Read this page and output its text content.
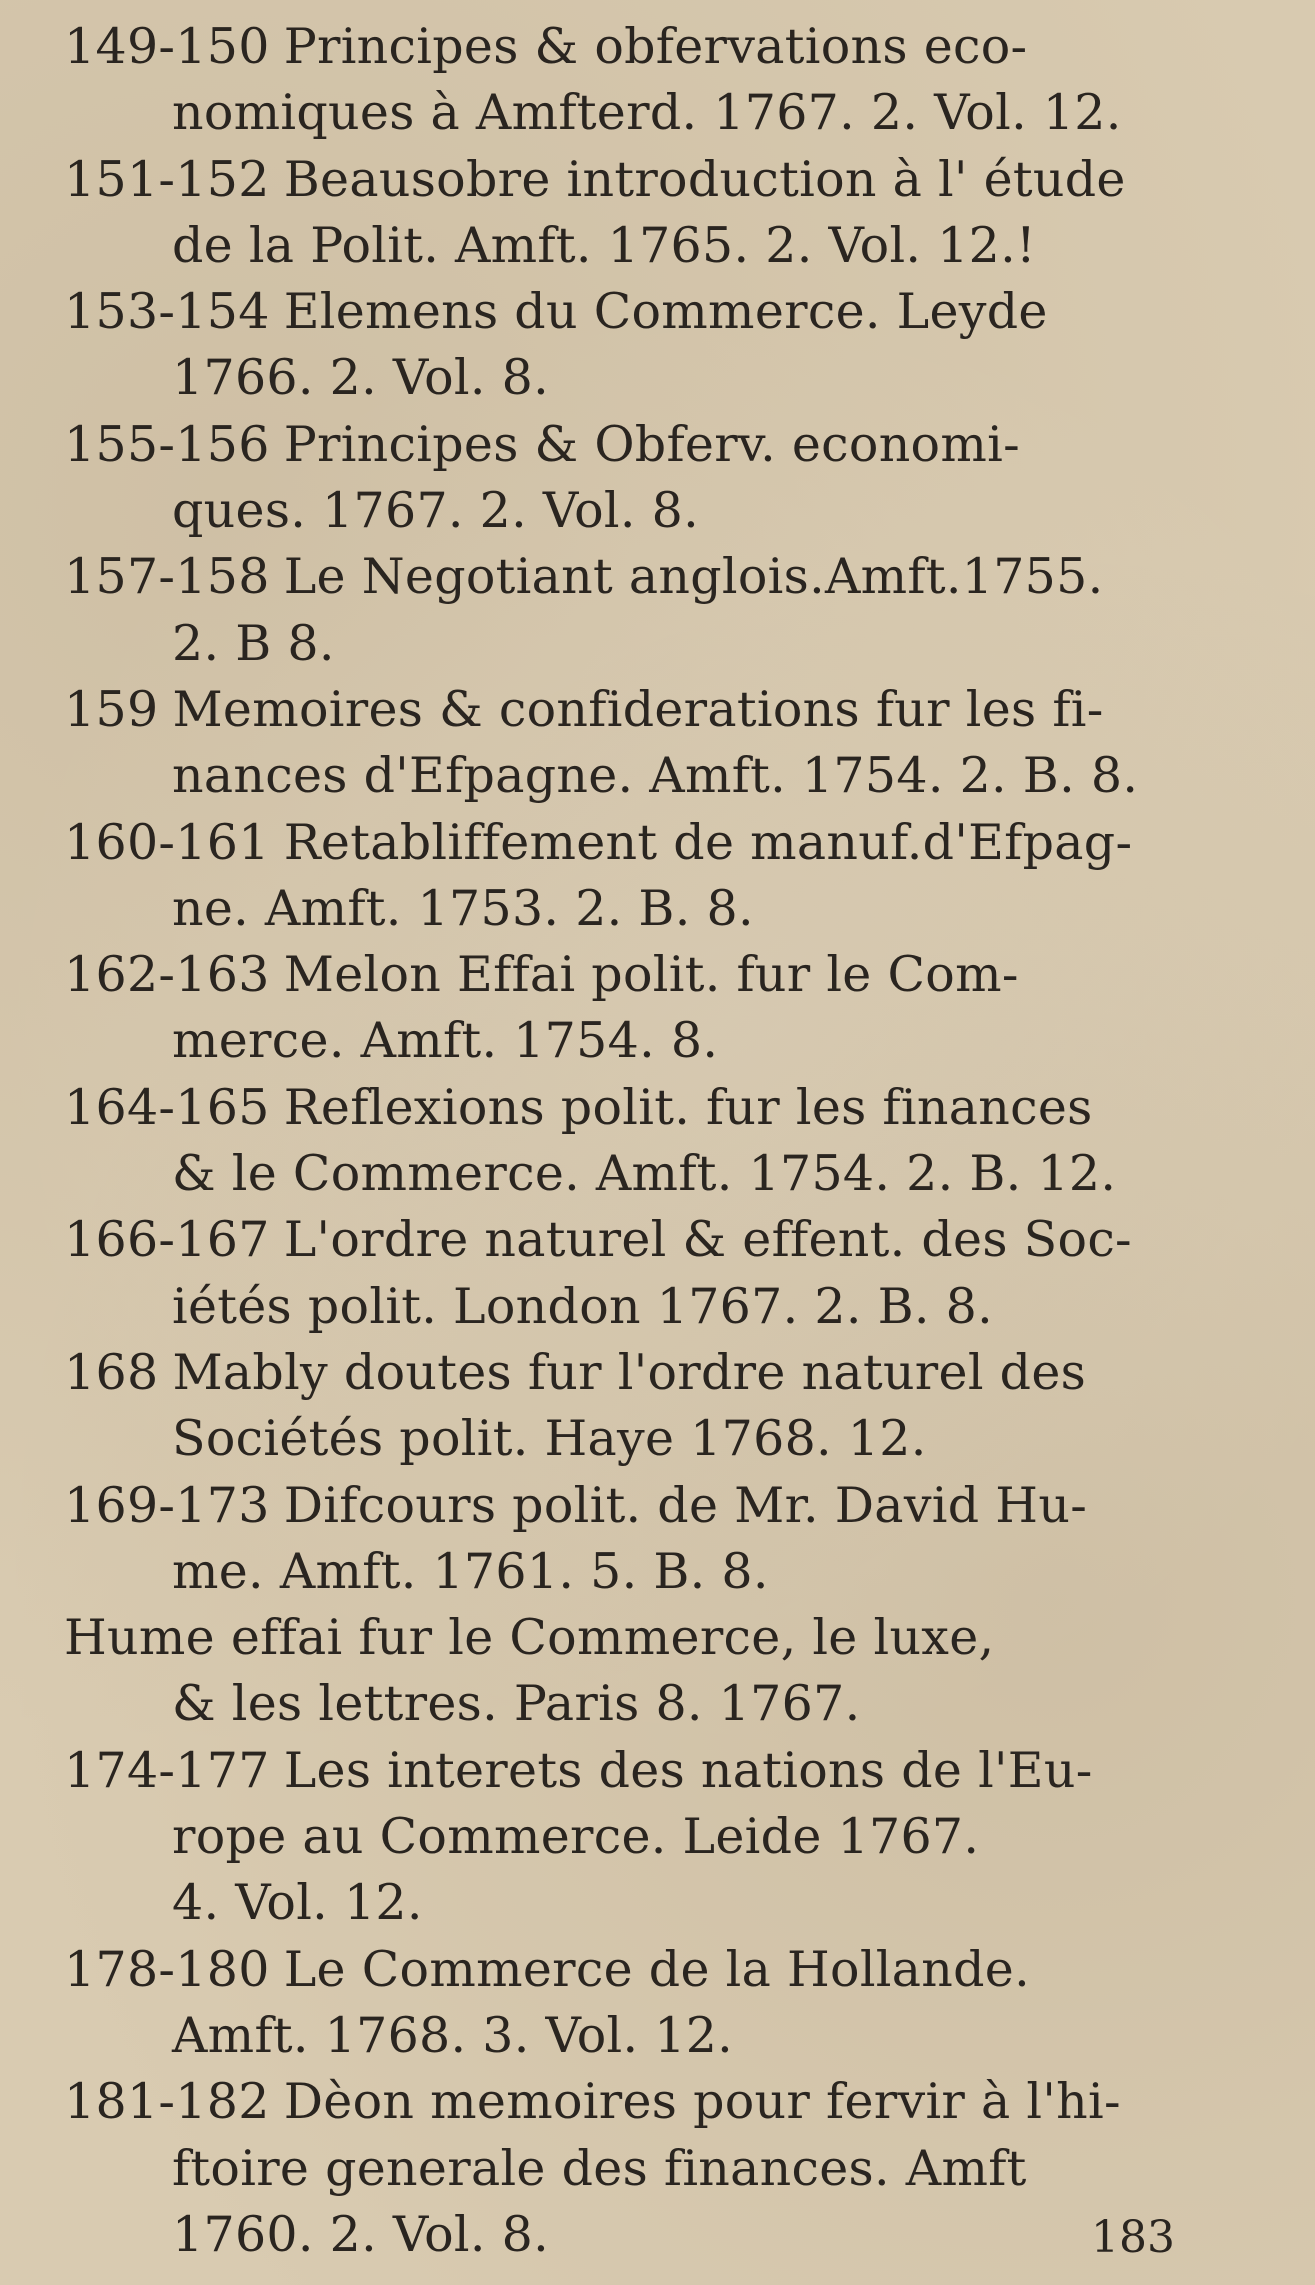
149-150 Principes & obfervations eco-
nomiques à Amfterd. 1767. 2. Vol. 12.
151-152 Beausobre introduction à l' étude
de la Polit. Amft. 1765. 2. Vol. 12.!
153-154 Elemens du Commerce. Leyde
1766. 2. Vol. 8.
155-156 Principes & Obferv. economi-
ques. 1767. 2. Vol. 8.
157-158 Le Negotiant anglois.Amft.1755.
2. B 8.
159 Memoires & confiderations fur les fi-
nances d'Efpagne. Amft. 1754. 2. B. 8.
160-161 Retabliffement de manuf.d'Efpag-
ne. Amft. 1753. 2. B. 8.
162-163 Melon Effai polit. fur le Com-
merce. Amft. 1754. 8.
164-165 Reflexions polit. fur les finances
& le Commerce. Amft. 1754. 2. B. 12.
166-167 L'ordre naturel & effent. des Soc-
iétés polit. London 1767. 2. B. 8.
168 Mably doutes fur l'ordre naturel des
Sociétés polit. Haye 1768. 12.
169-173 Difcours polit. de Mr. David Hu-
me. Amft. 1761. 5. B. 8.
Hume effai fur le Commerce, le luxe,
& les lettres. Paris 8. 1767.
174-177 Les interets des nations de l'Eu-
rope au Commerce. Leide 1767.
4. Vol. 12.
178-180 Le Commerce de la Hollande.
Amft. 1768. 3. Vol. 12.
181-182 Dèon memoires pour fervir à l'hi-
ftoire generale des finances. Amft
1760. 2. Vol. 8.	183
